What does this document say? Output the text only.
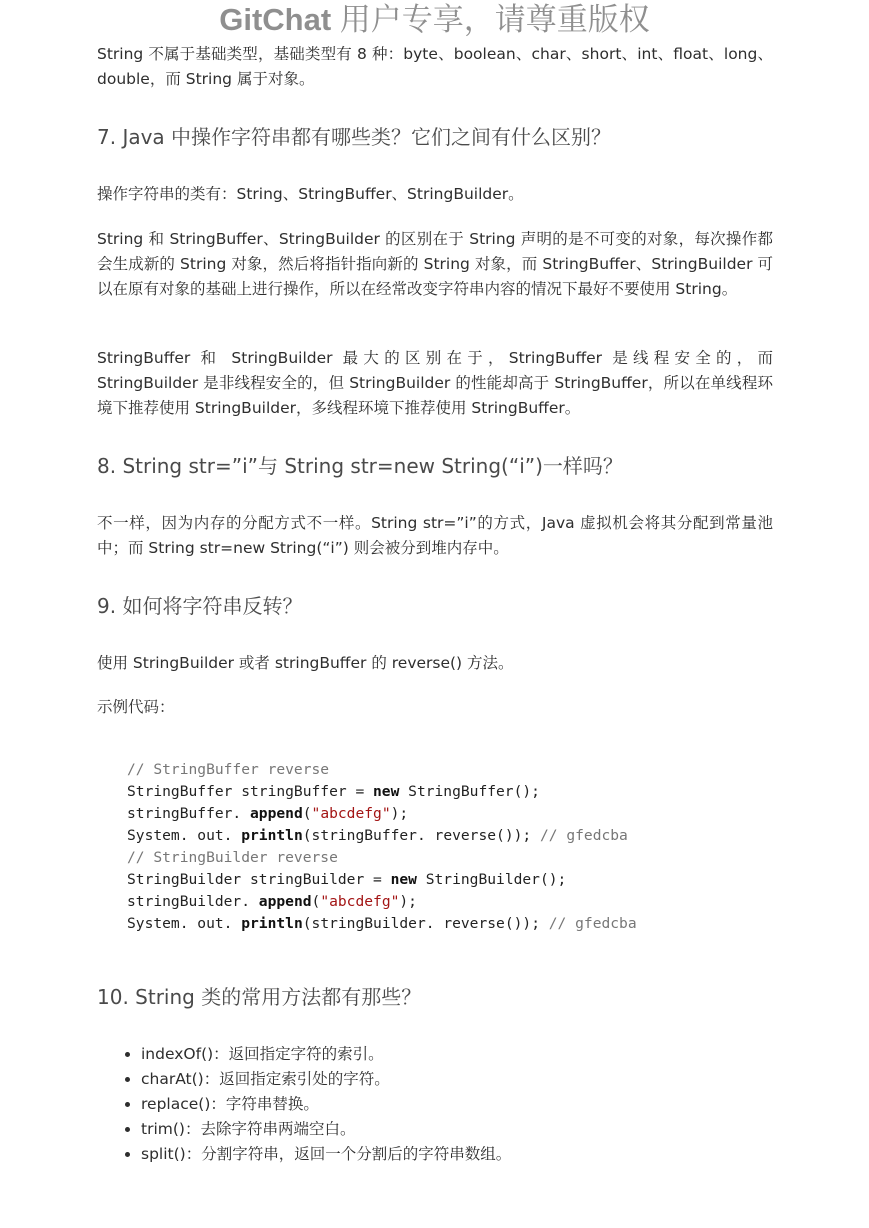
GitChat 用户专享，请尊重版权

String 不属于基础类型，基础类型有 8 种：byte、boolean、char、short、int、float、long、double，而 String 属于对象。

7. Java 中操作字符串都有哪些类？它们之间有什么区别？

操作字符串的类有：String、StringBuffer、StringBuilder。

String 和 StringBuffer、StringBuilder 的区别在于 String 声明的是不可变的对象，每次操作都会生成新的 String 对象，然后将指针指向新的 String 对象，而 StringBuffer、StringBuilder 可以在原有对象的基础上进行操作，所以在经常改变字符串内容的情况下最好不要使用 String。

StringBuffer 和 StringBuilder 最大的区别在于，StringBuffer 是线程安全的，而 StringBuilder 是非线程安全的，但 StringBuilder 的性能却高于 StringBuffer，所以在单线程环境下推荐使用 StringBuilder，多线程环境下推荐使用 StringBuffer。

8. String str=”i”与 String str=new String(“i”)一样吗？

不一样，因为内存的分配方式不一样。String str=”i”的方式，Java 虚拟机会将其分配到常量池中；而 String str=new String(“i”) 则会被分到堆内存中。

9. 如何将字符串反转？

使用 StringBuilder 或者 stringBuffer 的 reverse() 方法。

示例代码：

// StringBuffer reverse
StringBuffer stringBuffer = new StringBuffer();
stringBuffer. append("abcdefg");
System. out. println(stringBuffer. reverse()); // gfedcba
// StringBuilder reverse
StringBuilder stringBuilder = new StringBuilder();
stringBuilder. append("abcdefg");
System. out. println(stringBuilder. reverse()); // gfedcba
10. String 类的常用方法都有那些？
• indexOf()：返回指定字符的索引。
• charAt()：返回指定索引处的字符。
• replace()：字符串替换。
• trim()：去除字符串两端空白。
• split()：分割字符串，返回一个分割后的字符串数组。
